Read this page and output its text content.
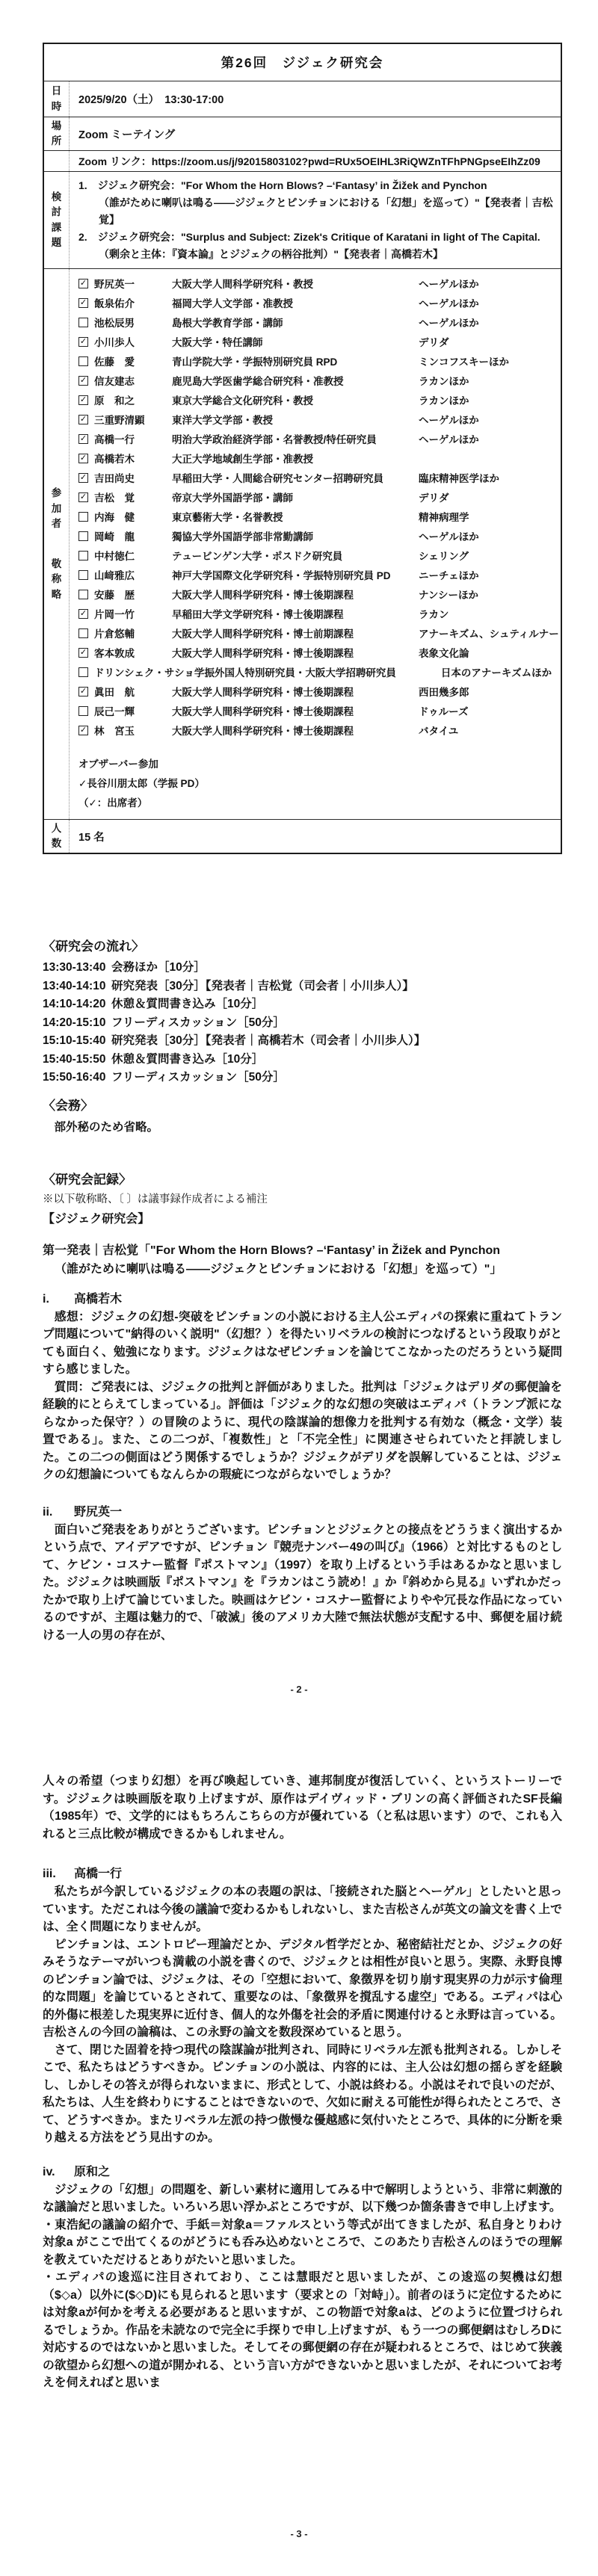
第26回　ジジェク研究会
日時	2025/9/20（土）　13:30-17:00
場所	Zoom ミーテイング
Zoom リンク：https://zoom.us/j/92015803102?pwd=RUx5OEIHL3RiQWZnTFhPNGpseEIhZz09
検討課題
1.　ジジェク研究会："For Whom the Horn Blows? –‘Fantasy’ in Žižek and Pynchon
（誰がために喇叭は鳴る――ジジェクとピンチョンにおける「幻想」を巡って）"【発表者｜吉松覚】
2.　ジジェク研究会："Surplus and Subject: Zizek's Critique of Karatani in light of The Capital.
（剰余と主体：『資本論』とジジェクの柄谷批判）"【発表者｜高橋若木】
参加者
敬称略
✓ 野尻英一	大阪大学人間科学研究科・教授	ヘーゲルほか
✓ 飯泉佑介	福岡大学人文学部・准教授	ヘーゲルほか
池松辰男	島根大学教育学部・講師	ヘーゲルほか
✓ 小川歩人	大阪大学・特任講師	デリダ
佐藤　愛	青山学院大学・学振特別研究員 RPD	ミンコフスキーほか
✓ 信友建志	鹿児島大学医歯学総合研究科・准教授	ラカンほか
✓ 原　和之	東京大学総合文化研究科・教授	ラカンほか
✓ 三重野清顕	東洋大学文学部・教授	ヘーゲルほか
✓ 高橋一行	明治大学政治経済学部・名誉教授/特任研究員	ヘーゲルほか
✓ 高橋若木	大正大学地域創生学部・准教授
✓ 吉田尚史	早稲田大学・人間総合研究センター招聘研究員	臨床精神医学ほか
✓ 吉松　覚	帝京大学外国語学部・講師	デリダ
内海　健	東京藝術大学・名誉教授	精神病理学
岡崎　龍	獨協大学外国語学部非常勤講師	ヘーゲルほか
中村徳仁	テュービンゲン大学・ポスドク研究員	シェリング
山﨑雅広	神戸大学国際文化学研究科・学振特別研究員 PD	ニーチェほか
安藤　歴	大阪大学人間科学研究科・博士後期課程	ナンシーほか
✓ 片岡一竹	早稲田大学文学研究科・博士後期課程	ラカン
片倉悠輔	大阪大学人間科学研究科・博士前期課程	アナーキズム、シュティルナー
✓ 客本敦成	大阪大学人間科学研究科・博士後期課程	表象文化論
ドリンシェク・サショ 学振外国人特別研究員・大阪大学招聘研究員	日本のアナーキズムほか
✓ 眞田　航	大阪大学人間科学研究科・博士後期課程	西田幾多郎
辰己一輝	大阪大学人間科学研究科・博士後期課程	ドゥルーズ
✓ 林　宮玉	大阪大学人間科学研究科・博士後期課程	バタイユ
オブザーバー参加
✓長谷川朋太郎（学振 PD）
（✓：出席者）
人数	15 名
〈研究会の流れ〉
13:30-13:40 会務ほか［10分］
13:40-14:10 研究発表［30分］【発表者｜吉松覚（司会者｜小川歩人）】
14:10-14:20 休憩＆質問書き込み［10分］
14:20-15:10 フリーディスカッション［50分］
15:10-15:40 研究発表［30分］【発表者｜高橋若木（司会者｜小川歩人）】
15:40-15:50 休憩＆質問書き込み［10分］
15:50-16:40 フリーディスカッション［50分］
〈会務〉
部外秘のため省略。
〈研究会記録〉
※以下敬称略、〔 〕は議事録作成者による補注
【ジジェク研究会】
第一発表｜吉松覚「"For Whom the Horn Blows? –‘Fantasy’ in Žižek and Pynchon
（誰がために喇叭は鳴る――ジジェクとピンチョンにおける「幻想」を巡って）"」
i.	高橋若木

感想：ジジェクの幻想-突破をピンチョンの小説における主人公エディパの探索に重ねてトランプ問題について"納得のいく説明"（幻想？）を得たいリベラルの検討につなげるという段取りがとても面白く、勉強になります。ジジェクはなぜピンチョンを論じてこなかったのだろうという疑問すら感じました。

質問：ご発表には、ジジェクの批判と評価がありました。批判は「ジジェクはデリダの郵便論を経験的にとらえてしまっている」。評価は「ジジェク的な幻想の突破はエディパ（トランプ派にならなかった保守？）の冒険のように、現代の陰謀論的想像力を批判する有効な（概念・文学）装置である」。また、この二つが、「複数性」と「不完全性」に関連させられていたと拝読しました。この二つの側面はどう関係するでしょうか？ジジェクがデリダを誤解していることは、ジジェクの幻想論についてもなんらかの瑕疵につながらないでしょうか？

ii.	野尻英一

面白いご発表をありがとうございます。ピンチョンとジジェクとの接点をどううまく演出するかという点で、アイデアですが、ピンチョン『競売ナンバー49の叫び』（1966）と対比するものとして、ケビン・コスナー監督『ポストマン』（1997）を取り上げるという手はあるかなと思いました。ジジェクは映画版『ポストマン』を『ラカンはこう読め！』か『斜めから見る』いずれかだったかで取り上げて論じていました。映画はケビン・コスナー監督によりやや冗長な作品になっているのですが、主題は魅力的で、「破滅」後のアメリカ大陸で無法状態が支配する中、郵便を届け続ける一人の男の存在が、

人々の希望（つまり幻想）を再び喚起していき、連邦制度が復活していく、というストーリーです。ジジェクは映画版を取り上げますが、原作はデイヴィッド・ブリンの高く評価されたSF長編（1985年）で、文学的にはもちろんこちらの方が優れている（と私は思います）ので、これも入れると三点比較が構成できるかもしれません。

iii.	高橋一行

私たちが今訳しているジジェクの本の表題の訳は、「接続された脳とヘーゲル」としたいと思っています。ただこれは今後の議論で変わるかもしれないし、また吉松さんが英文の論文を書く上では、全く問題になりませんが。

ピンチョンは、エントロピー理論だとか、デジタル哲学だとか、秘密結社だとか、ジジェクの好みそうなテーマがいつも満載の小説を書くので、ジジェクとは相性が良いと思う。実際、永野良博のピンチョン論では、ジジェクは、その「空想において、象徴界を切り崩す現実界の力が示す倫理的な問題」を論じているとされて、重要なのは、「象徴界を撹乱する虚空」である。エディパは心的外傷に根差した現実界に近付き、個人的な外傷を社会的矛盾に関連付けると永野は言っている。吉松さんの今回の論稿は、この永野の論文を数段深めていると思う。

さて、閉じた固着を持つ現代の陰謀論が批判され、同時にリベラル左派も批判される。しかしそこで、私たちはどうすべきか。ピンチョンの小説は、内容的には、主人公は幻想の揺らぎを経験し、しかしその答えが得られないままに、形式として、小説は終わる。小説はそれで良いのだが、私たちは、人生を終わりにすることはできないので、欠如に耐える可能性が得られたところで、さて、どうすべきか。またリベラル左派の持つ傲慢な優越感に気付いたところで、具体的に分断を乗り越える方法をどう見出すのか。

iv.	原和之

ジジェクの「幻想」の問題を、新しい素材に適用してみる中で解明しようという、非常に刺激的な議論だと思いました。いろいろ思い浮かぶところですが、以下幾つか箇条書きで申し上げます。

・東浩紀の議論の紹介で、手紙＝対象a＝ファルスという等式が出てきましたが、私自身とりわけ対象a がここで出てくるのがどうにも呑み込めないところで、このあたり吉松さんのほうでの理解を教えていただけるとありがたいと思いました。

・エディパの逡巡に注目されており、ここは慧眼だと思いましたが、この逡巡の契機は幻想（$◇a）以外に($◇D)にも見られると思います（要求との「対峙」）。前者のほうに定位するためには対象aが何かを考える必要があると思いますが、この物語で対象aは、どのように位置づけられるでしょうか。作品を未読なので完全に手探りで申し上げますが、もう一つの郵便網はむしろDに対応するのではないかと思いました。そしてその郵便網の存在が疑われるところで、はじめて狭義の欲望から幻想への道が開かれる、という言い方ができないかと思いましたが、それについてお考えを伺えればと思いま

- 2 -
- 3 -
